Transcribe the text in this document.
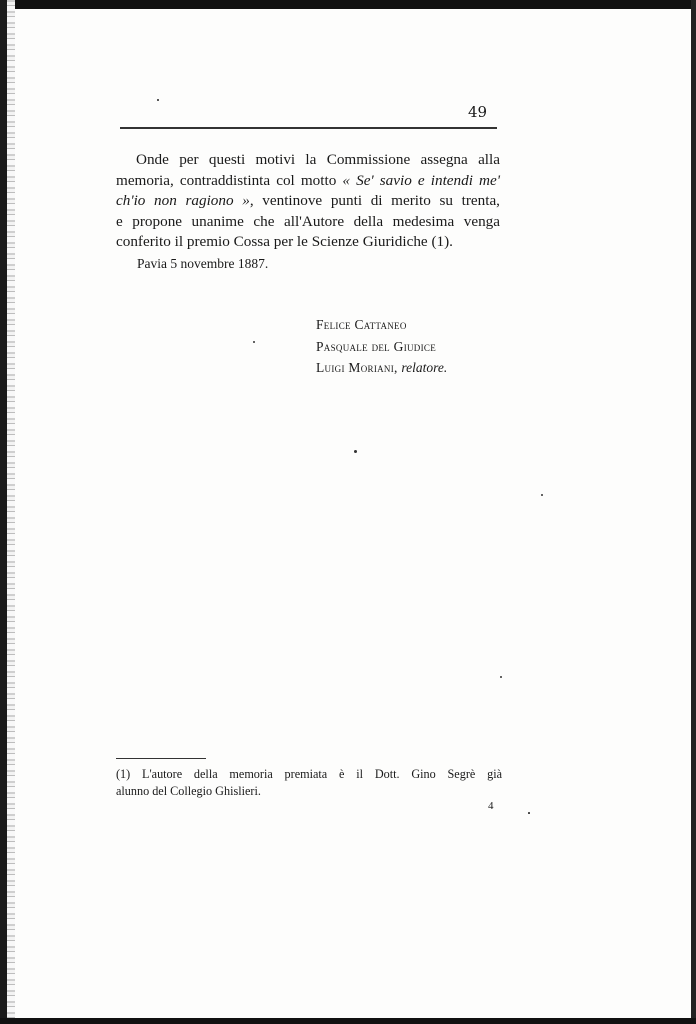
49

Onde per questi motivi la Commissione assegna alla
memoria, contraddistinta col motto « Se' savio e intendi me'
ch'io non ragiono », ventinove punti di merito su trenta,
e propone unanime che all'Autore della medesima venga
conferito il premio Cossa per le Scienze Giuridiche (1).

Pavia 5 novembre 1887.
Felice Cattaneo
Pasquale del Giudice
Luigi Moriani, relatore.

(1) L'autore della memoria premiata è il Dott. Gino Segrè già
alunno del Collegio Ghislieri.

4
